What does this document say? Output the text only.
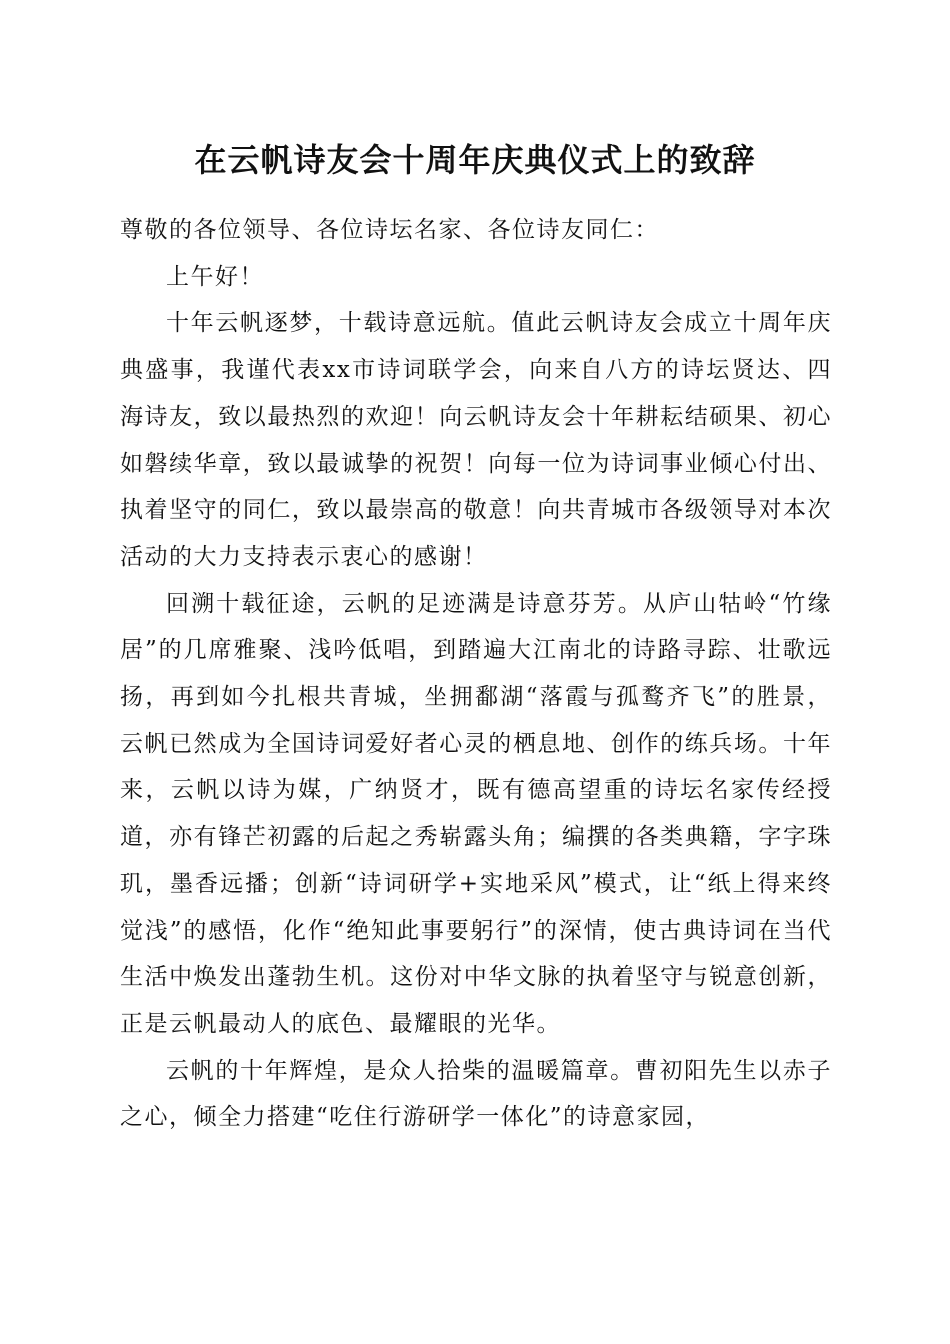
在云帆诗友会十周年庆典仪式上的致辞

尊敬的各位领导、各位诗坛名家、各位诗友同仁：

上午好！

十年云帆逐梦，十载诗意远航。值此云帆诗友会成立十周年庆典盛事，我谨代表xx市诗词联学会，向来自八方的诗坛贤达、四海诗友，致以最热烈的欢迎！向云帆诗友会十年耕耘结硕果、初心如磐续华章，致以最诚挚的祝贺！向每一位为诗词事业倾心付出、执着坚守的同仁，致以最崇高的敬意！向共青城市各级领导对本次活动的大力支持表示衷心的感谢！

回溯十载征途，云帆的足迹满是诗意芬芳。从庐山牯岭“竹缘居”的几席雅聚、浅吟低唱，到踏遍大江南北的诗路寻踪、壮歌远扬，再到如今扎根共青城，坐拥鄱湖“落霞与孤鹜齐飞”的胜景，云帆已然成为全国诗词爱好者心灵的栖息地、创作的练兵场。十年来，云帆以诗为媒，广纳贤才，既有德高望重的诗坛名家传经授道，亦有锋芒初露的后起之秀崭露头角；编撰的各类典籍，字字珠玑，墨香远播；创新“诗词研学+实地采风”模式，让“纸上得来终觉浅”的感悟，化作“绝知此事要躬行”的深情，使古典诗词在当代生活中焕发出蓬勃生机。这份对中华文脉的执着坚守与锐意创新，正是云帆最动人的底色、最耀眼的光华。

云帆的十年辉煌，是众人拾柴的温暖篇章。曹初阳先生以赤子之心，倾全力搭建“吃住行游研学一体化”的诗意家园，
